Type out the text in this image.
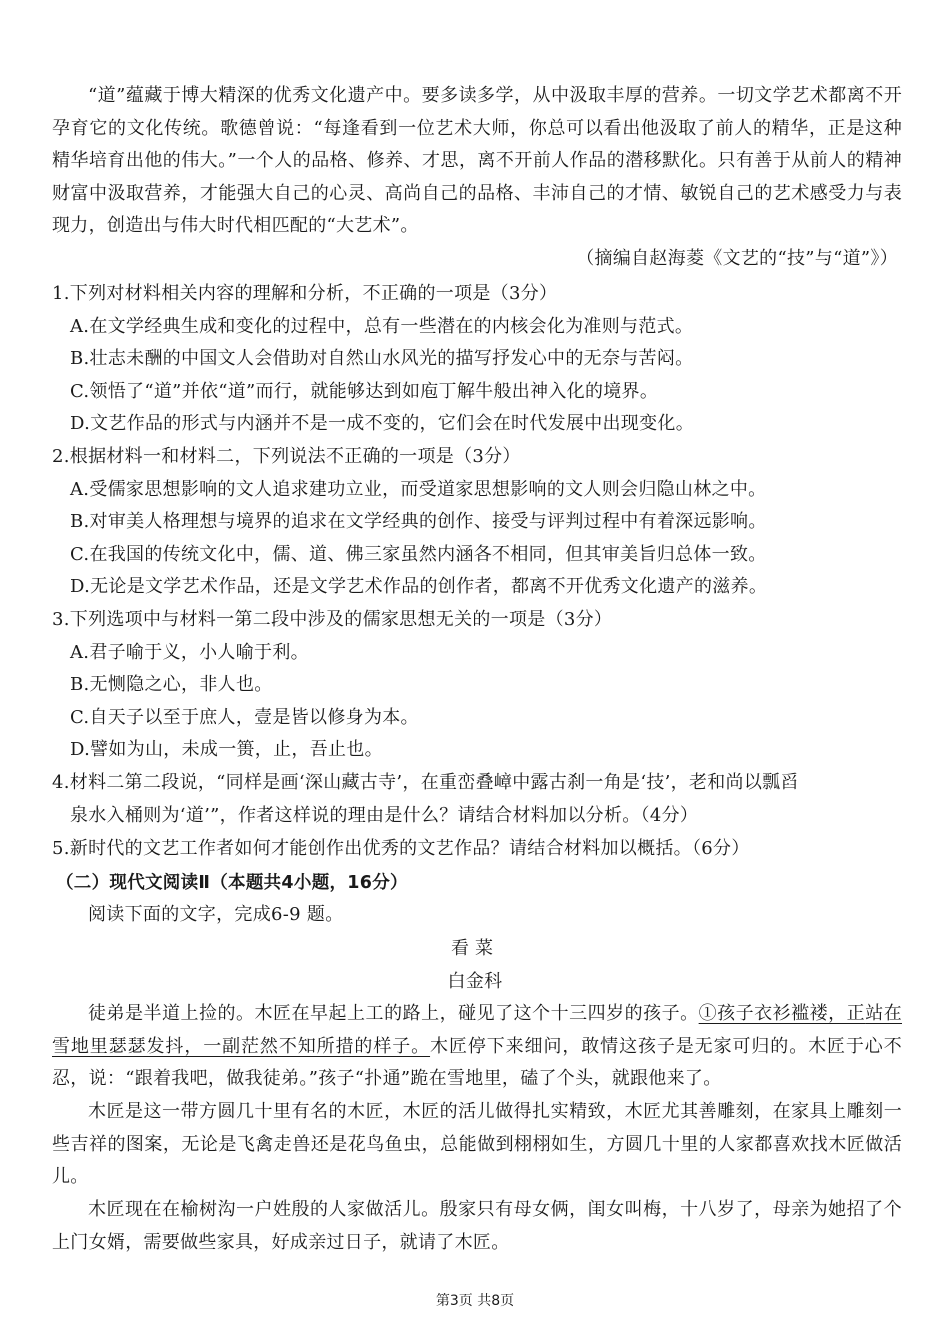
“道”蕴藏于博大精深的优秀文化遗产中。要多读多学，从中汲取丰厚的营养。一切文学艺术都离不开孕育它的文化传统。歌德曾说：“每逢看到一位艺术大师，你总可以看出他汲取了前人的精华，正是这种精华培育出他的伟大。”一个人的品格、修养、才思，离不开前人作品的潜移默化。只有善于从前人的精神财富中汲取营养，才能强大自己的心灵、高尚自己的品格、丰沛自己的才情、敏锐自己的艺术感受力与表现力，创造出与伟大时代相匹配的“大艺术”。

（摘编自赵海菱《文艺的“技”与“道”》）

1.下列对材料相关内容的理解和分析，不正确的一项是（3分）

A.在文学经典生成和变化的过程中，总有一些潜在的内核会化为准则与范式。

B.壮志未酬的中国文人会借助对自然山水风光的描写抒发心中的无奈与苦闷。

C.领悟了“道”并依“道”而行，就能够达到如庖丁解牛般出神入化的境界。

D.文艺作品的形式与内涵并不是一成不变的，它们会在时代发展中出现变化。

2.根据材料一和材料二，下列说法不正确的一项是（3分）

A.受儒家思想影响的文人追求建功立业，而受道家思想影响的文人则会归隐山林之中。

B.对审美人格理想与境界的追求在文学经典的创作、接受与评判过程中有着深远影响。

C.在我国的传统文化中，儒、道、佛三家虽然内涵各不相同，但其审美旨归总体一致。

D.无论是文学艺术作品，还是文学艺术作品的创作者，都离不开优秀文化遗产的滋养。

3.下列选项中与材料一第二段中涉及的儒家思想无关的一项是（3分）

A.君子喻于义，小人喻于利。

B.无恻隐之心，非人也。

C.自天子以至于庶人，壹是皆以修身为本。

D.譬如为山，未成一篑，止，吾止也。

4.材料二第二段说，“同样是画‘深山藏古寺’，在重峦叠嶂中露古刹一角是‘技’，老和尚以瓢舀

泉水入桶则为‘道’”，作者这样说的理由是什么？请结合材料加以分析。（4分）

5.新时代的文艺工作者如何才能创作出优秀的文艺作品？请结合材料加以概括。（6分）

（二）现代文阅读Ⅱ（本题共4小题，16分）

阅读下面的文字，完成6-9 题。

看菜

白金科

徒弟是半道上捡的。木匠在早起上工的路上，碰见了这个十三四岁的孩子。①孩子衣衫褴褛，正站在雪地里瑟瑟发抖，一副茫然不知所措的样子。木匠停下来细问，敢情这孩子是无家可归的。木匠于心不忍，说：“跟着我吧，做我徒弟。”孩子“扑通”跪在雪地里，磕了个头，就跟他来了。

木匠是这一带方圆几十里有名的木匠，木匠的活儿做得扎实精致，木匠尤其善雕刻，在家具上雕刻一些吉祥的图案，无论是飞禽走兽还是花鸟鱼虫，总能做到栩栩如生，方圆几十里的人家都喜欢找木匠做活儿。

木匠现在在榆树沟一户姓殷的人家做活儿。殷家只有母女俩，闺女叫梅，十八岁了，母亲为她招了个上门女婿，需要做些家具，好成亲过日子，就请了木匠。

第3页 共8页
